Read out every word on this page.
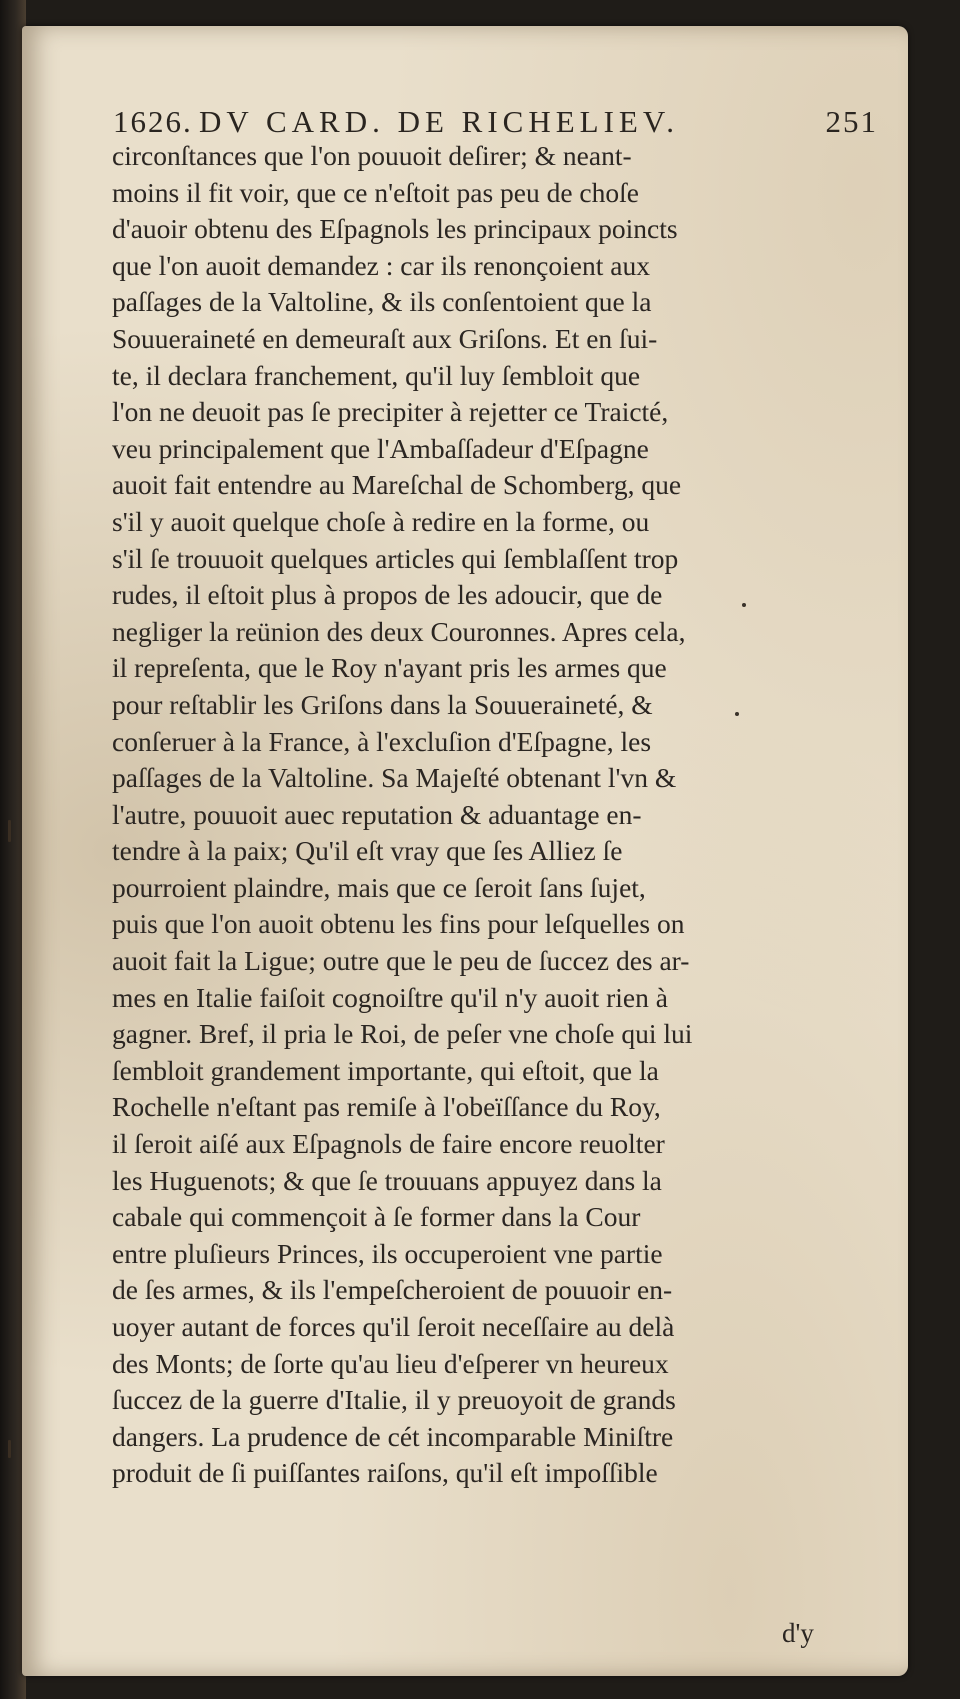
1626. DV CARD. DE RICHELIEV.	251
circonſtances que l'on pouuoit deſirer; & neant-
moins il fit voir, que ce n'eſtoit pas peu de choſe
d'auoir obtenu des Eſpagnols les principaux poincts
que l'on auoit demandez : car ils renonçoient aux
paſſages de la Valtoline, & ils conſentoient que la
Souueraineté en demeuraſt aux Griſons. Et en ſui-
te, il declara franchement, qu'il luy ſembloit que
l'on ne deuoit pas ſe precipiter à rejetter ce Traicté,
veu principalement que l'Ambaſſadeur d'Eſpagne
auoit fait entendre au Mareſchal de Schomberg, que
s'il y auoit quelque choſe à redire en la forme, ou
s'il ſe trouuoit quelques articles qui ſemblaſſent trop
rudes, il eſtoit plus à propos de les adoucir, que de
negliger la reünion des deux Couronnes. Apres cela,
il repreſenta, que le Roy n'ayant pris les armes que
pour reſtablir les Griſons dans la Souueraineté, &
conſeruer à la France, à l'excluſion d'Eſpagne, les
paſſages de la Valtoline. Sa Majeſté obtenant l'vn &
l'autre, pouuoit auec reputation & aduantage en-
tendre à la paix; Qu'il eſt vray que ſes Alliez ſe
pourroient plaindre, mais que ce ſeroit ſans ſujet,
puis que l'on auoit obtenu les fins pour leſquelles on
auoit fait la Ligue; outre que le peu de ſuccez des ar-
mes en Italie faiſoit cognoiſtre qu'il n'y auoit rien à
gagner. Bref, il pria le Roi, de peſer vne choſe qui lui
ſembloit grandement importante, qui eſtoit, que la
Rochelle n'eſtant pas remiſe à l'obeïſſance du Roy,
il ſeroit aiſé aux Eſpagnols de faire encore reuolter
les Huguenots; & que ſe trouuans appuyez dans la
cabale qui commençoit à ſe former dans la Cour
entre pluſieurs Princes, ils occuperoient vne partie
de ſes armes, & ils l'empeſcheroient de pouuoir en-
uoyer autant de forces qu'il ſeroit neceſſaire au delà
des Monts; de ſorte qu'au lieu d'eſperer vn heureux
ſuccez de la guerre d'Italie, il y preuoyoit de grands
dangers. La prudence de cét incomparable Miniſtre
produit de ſi puiſſantes raiſons, qu'il eſt impoſſible
d'y
